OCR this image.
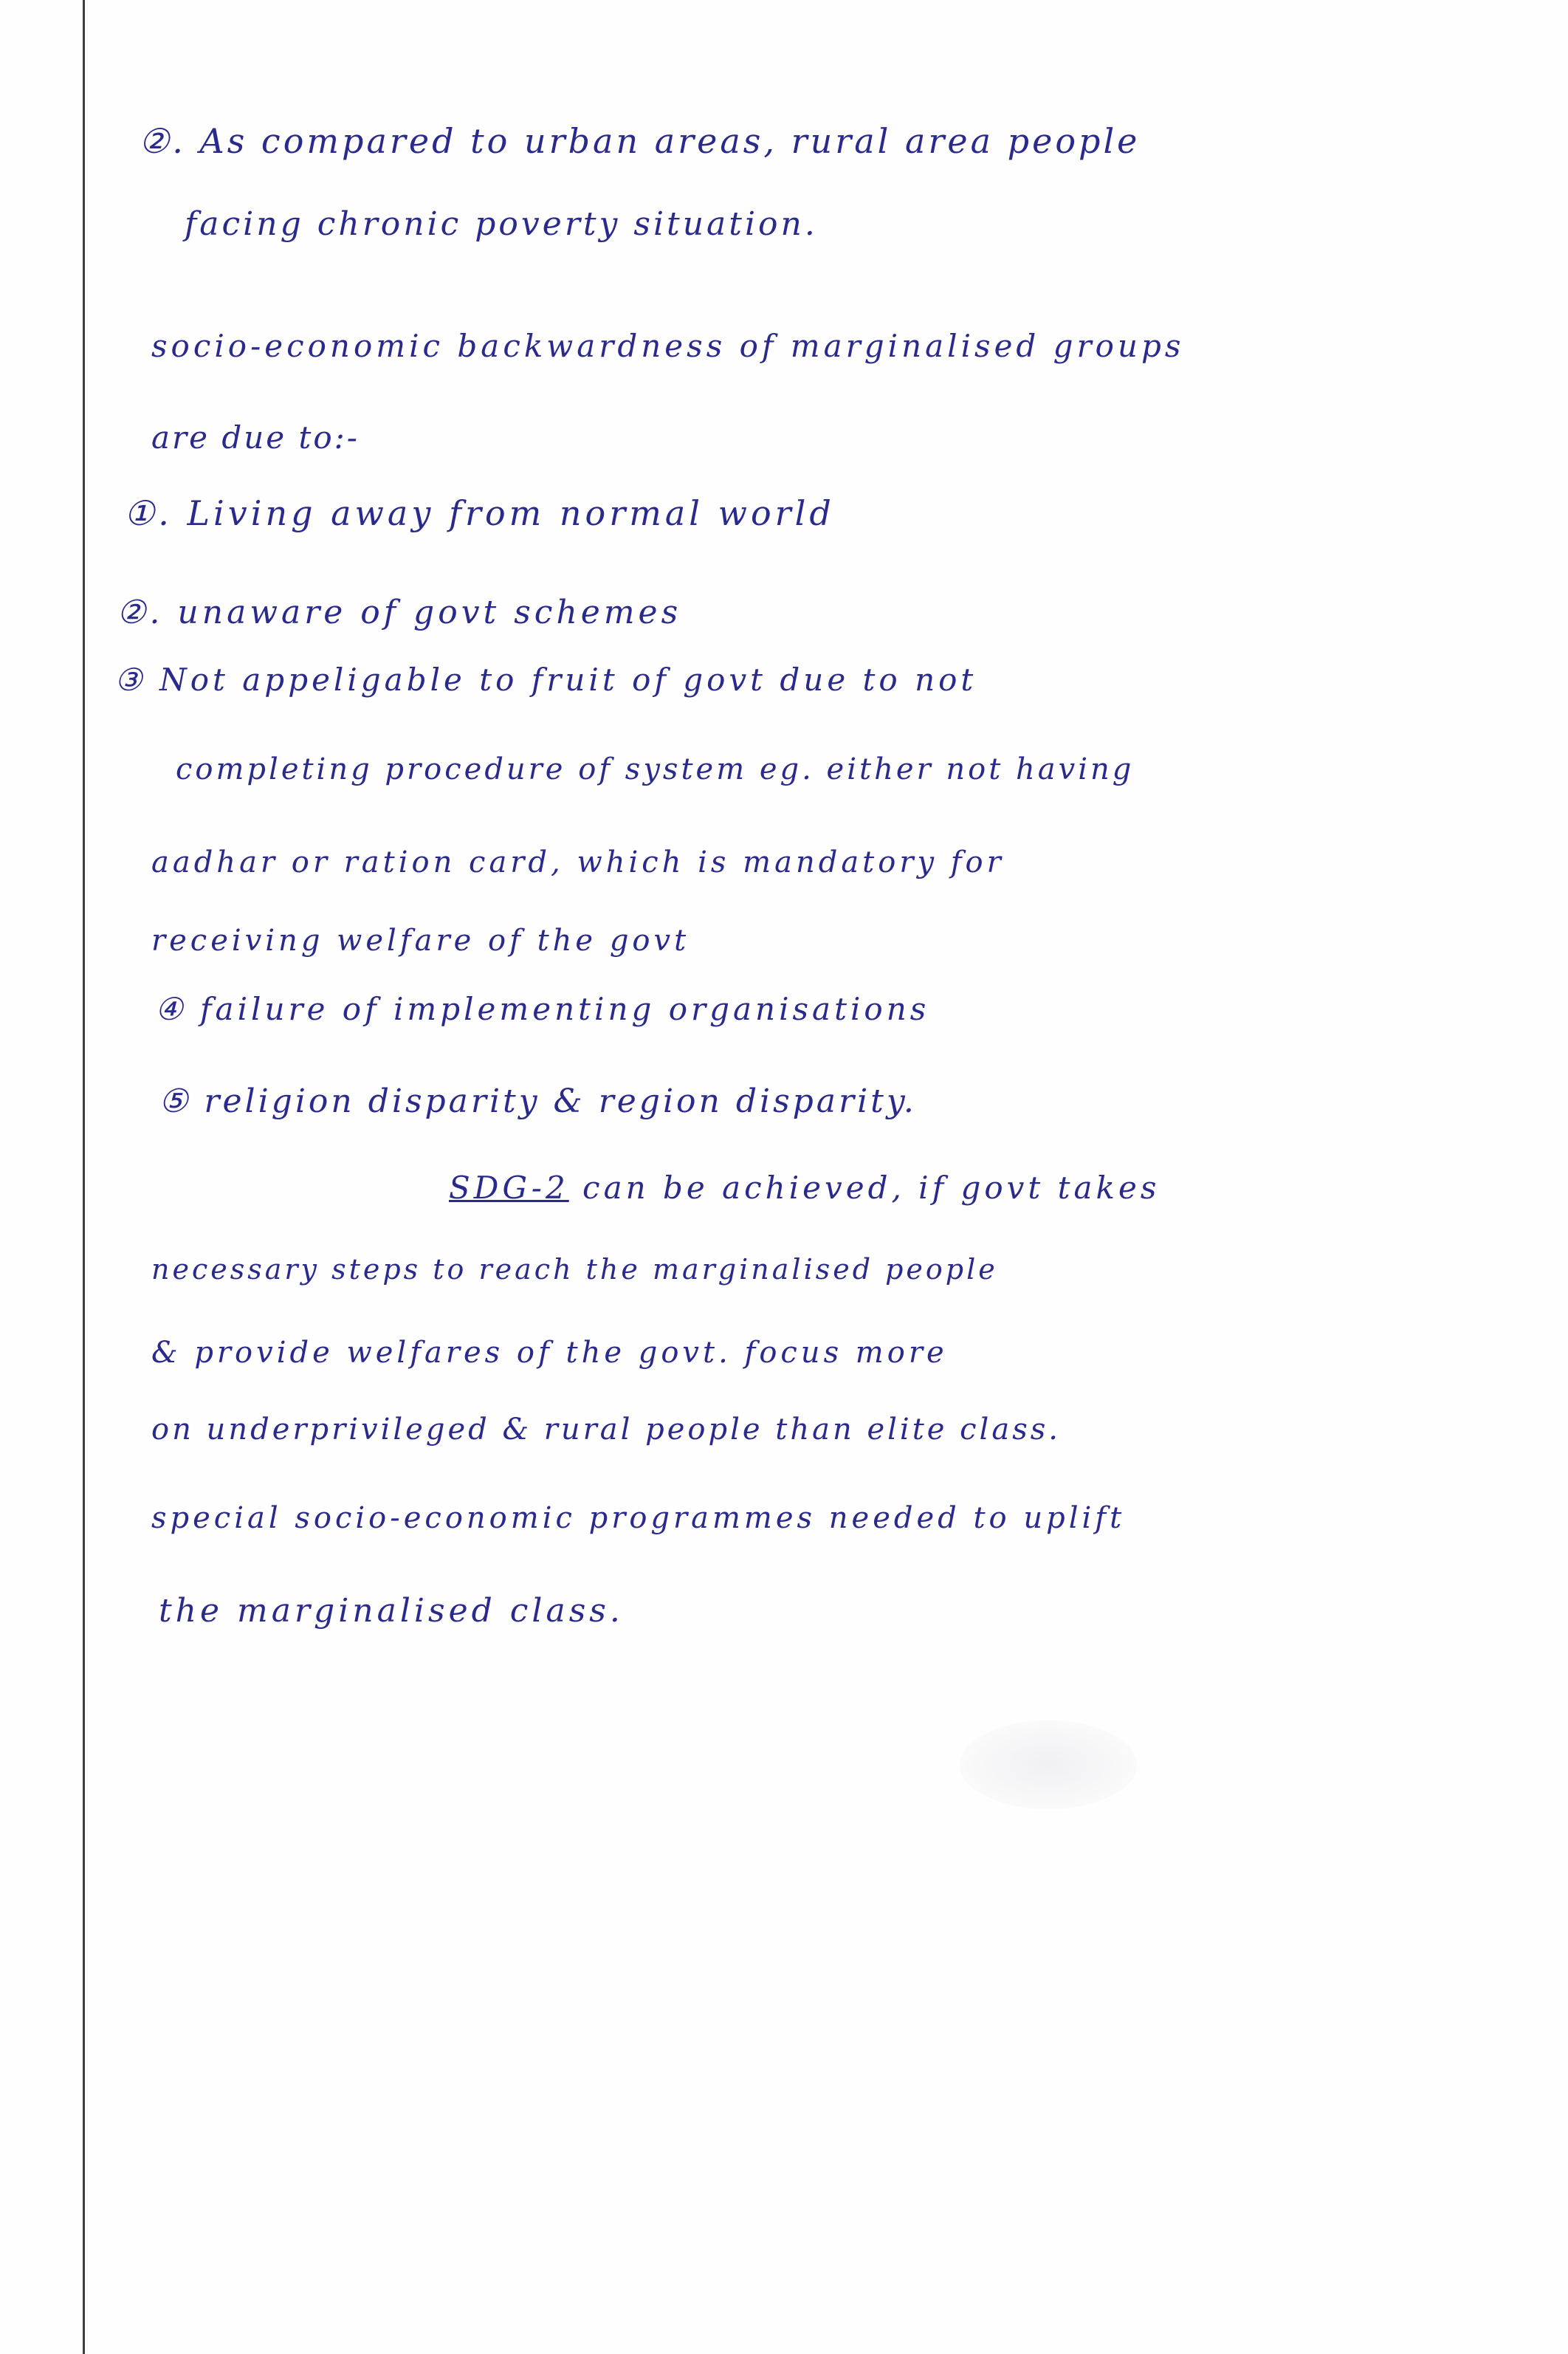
②. As compared to urban areas, rural area people
facing chronic poverty situation.
socio-economic backwardness of marginalised groups
are due to:-
①. Living away from normal world
②. unaware of govt schemes
③ Not appeligable to fruit of govt due to not
completing procedure of system eg. either not having
aadhar or ration card, which is mandatory for
receiving welfare of the govt
④ failure of implementing organisations
⑤ religion disparity & region disparity.
SDG-2 can be achieved, if govt takes
necessary steps to reach the marginalised people
& provide welfares of the govt. focus more
on underprivileged & rural people than elite class.
special socio-economic programmes needed to uplift
the marginalised class.
